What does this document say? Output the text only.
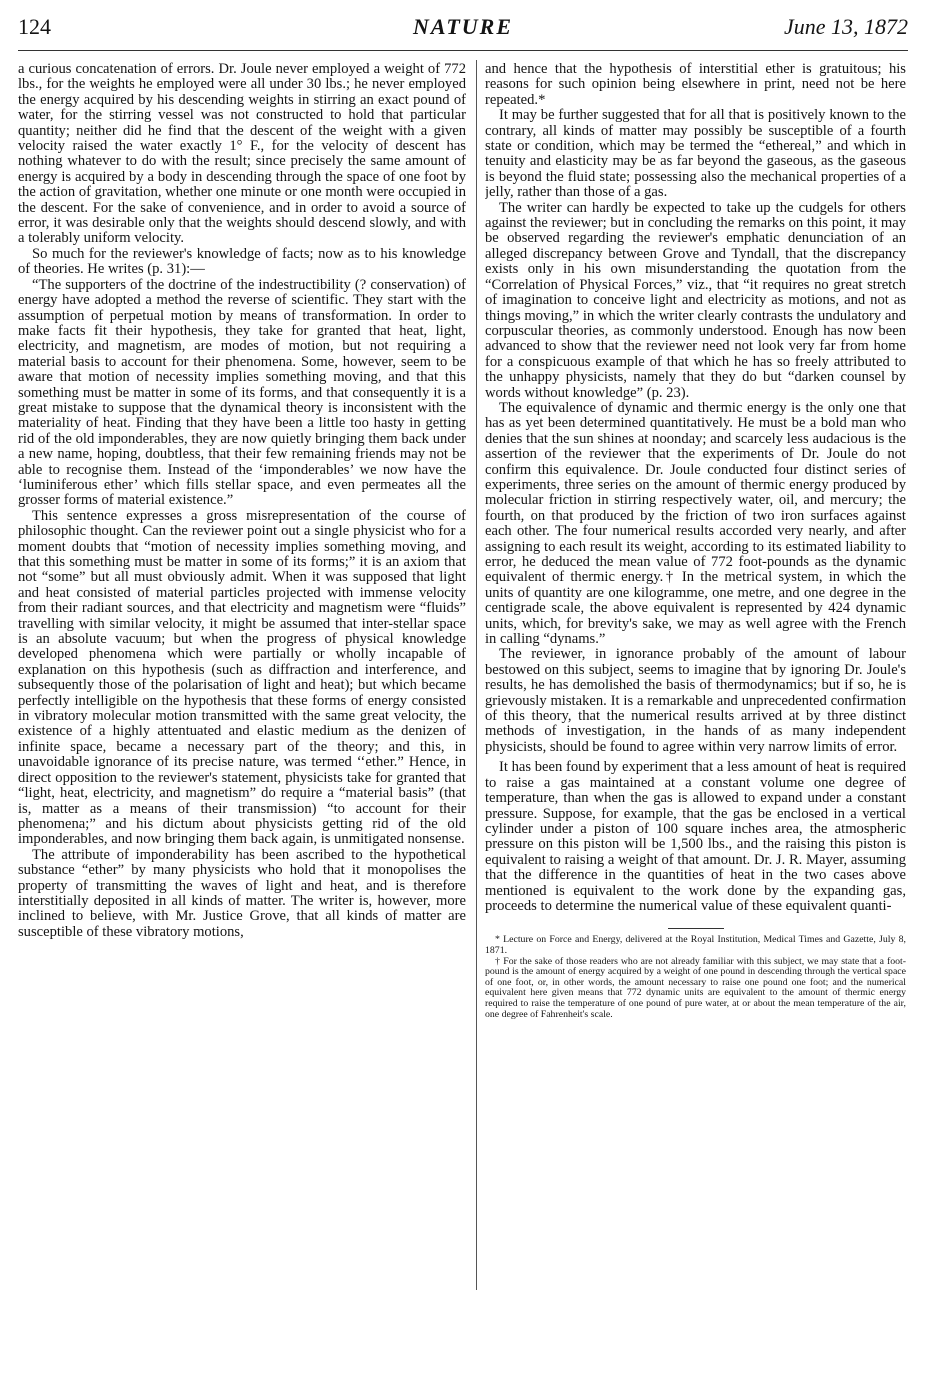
124	NATURE	June 13, 1872

a curious concatenation of errors. Dr. Joule never employed a weight of 772 lbs., for the weights he employed were all under 30 lbs.; he never employed the energy acquired by his descending weights in stirring an exact pound of water, for the stirring vessel was not constructed to hold that particular quantity; neither did he find that the descent of the weight with a given velocity raised the water exactly 1° F., for the velocity of descent has nothing whatever to do with the result; since precisely the same amount of energy is acquired by a body in descending through the space of one foot by the action of gravitation, whether one minute or one month were occupied in the descent. For the sake of convenience, and in order to avoid a source of error, it was desirable only that the weights should descend slowly, and with a tolerably uniform velocity.

So much for the reviewer's knowledge of facts; now as to his knowledge of theories. He writes (p. 31):—

“The supporters of the doctrine of the indestructibility (? conservation) of energy have adopted a method the reverse of scientific. They start with the assumption of perpetual motion by means of transformation. In order to make facts fit their hypothesis, they take for granted that heat, light, electricity, and magnetism, are modes of motion, but not requiring a material basis to account for their phenomena. Some, however, seem to be aware that motion of necessity implies something moving, and that this something must be matter in some of its forms, and that consequently it is a great mistake to suppose that the dynamical theory is inconsistent with the materiality of heat. Finding that they have been a little too hasty in getting rid of the old imponderables, they are now quietly bringing them back under a new name, hoping, doubtless, that their few remaining friends may not be able to recognise them. Instead of the ‘imponderables’ we now have the ‘luminiferous ether’ which fills stellar space, and even permeates all the grosser forms of material existence.”

This sentence expresses a gross misrepresentation of the course of philosophic thought. Can the reviewer point out a single physicist who for a moment doubts that “motion of necessity implies something moving, and that this something must be matter in some of its forms;” it is an axiom that not “some” but all must obviously admit. When it was supposed that light and heat consisted of material particles projected with immense velocity from their radiant sources, and that electricity and magnetism were “fluids” travelling with similar velocity, it might be assumed that inter-stellar space is an absolute vacuum; but when the progress of physical knowledge developed phenomena which were partially or wholly incapable of explanation on this hypothesis (such as diffraction and interference, and subsequently those of the polarisation of light and heat); but which became perfectly intelligible on the hypothesis that these forms of energy consisted in vibratory molecular motion transmitted with the same great velocity, the existence of a highly attentuated and elastic medium as the denizen of infinite space, became a necessary part of the theory; and this, in unavoidable ignorance of its precise nature, was termed ‘‘ether.” Hence, in direct opposition to the reviewer's statement, physicists take for granted that “light, heat, electricity, and magnetism” do require a “material basis” (that is, matter as a means of their transmission) “to account for their phenomena;” and his dictum about physicists getting rid of the old imponderables, and now bringing them back again, is unmitigated nonsense.

The attribute of imponderability has been ascribed to the hypothetical substance “ether” by many physicists who hold that it monopolises the property of transmitting the waves of light and heat, and is therefore interstitially deposited in all kinds of matter. The writer is, however, more inclined to believe, with Mr. Justice Grove, that all kinds of matter are susceptible of these vibratory motions,

and hence that the hypothesis of interstitial ether is gratuitous; his reasons for such opinion being elsewhere in print, need not be here repeated.*

It may be further suggested that for all that is positively known to the contrary, all kinds of matter may possibly be susceptible of a fourth state or condition, which may be termed the “ethereal,” and which in tenuity and elasticity may be as far beyond the gaseous, as the gaseous is beyond the fluid state; possessing also the mechanical properties of a jelly, rather than those of a gas.

The writer can hardly be expected to take up the cudgels for others against the reviewer; but in concluding the remarks on this point, it may be observed regarding the reviewer's emphatic denunciation of an alleged discrepancy between Grove and Tyndall, that the discrepancy exists only in his own misunderstanding the quotation from the “Correlation of Physical Forces,” viz., that “it requires no great stretch of imagination to conceive light and electricity as motions, and not as things moving,” in which the writer clearly contrasts the undulatory and corpuscular theories, as commonly understood. Enough has now been advanced to show that the reviewer need not look very far from home for a conspicuous example of that which he has so freely attributed to the unhappy physicists, namely that they do but “darken counsel by words without knowledge” (p. 23).

The equivalence of dynamic and thermic energy is the only one that has as yet been determined quantitatively. He must be a bold man who denies that the sun shines at noonday; and scarcely less audacious is the assertion of the reviewer that the experiments of Dr. Joule do not confirm this equivalence. Dr. Joule conducted four distinct series of experiments, three series on the amount of thermic energy produced by molecular friction in stirring respectively water, oil, and mercury; the fourth, on that produced by the friction of two iron surfaces against each other. The four numerical results accorded very nearly, and after assigning to each result its weight, according to its estimated liability to error, he deduced the mean value of 772 foot-pounds as the dynamic equivalent of thermic energy.† In the metrical system, in which the units of quantity are one kilogramme, one metre, and one degree in the centigrade scale, the above equivalent is represented by 424 dynamic units, which, for brevity's sake, we may as well agree with the French in calling “dynams.”

The reviewer, in ignorance probably of the amount of labour bestowed on this subject, seems to imagine that by ignoring Dr. Joule's results, he has demolished the basis of thermodynamics; but if so, he is grievously mistaken. It is a remarkable and unprecedented confirmation of this theory, that the numerical results arrived at by three distinct methods of investigation, in the hands of as many independent physicists, should be found to agree within very narrow limits of error.

It has been found by experiment that a less amount of heat is required to raise a gas maintained at a constant volume one degree of temperature, than when the gas is allowed to expand under a constant pressure. Suppose, for example, that the gas be enclosed in a vertical cylinder under a piston of 100 square inches area, the atmospheric pressure on this piston will be 1,500 lbs., and the raising this piston is equivalent to raising a weight of that amount. Dr. J. R. Mayer, assuming that the difference in the quantities of heat in the two cases above mentioned is equivalent to the work done by the expanding gas, proceeds to determine the numerical value of these equivalent quanti-

* Lecture on Force and Energy, delivered at the Royal Institution, Medical Times and Gazette, July 8, 1871.

† For the sake of those readers who are not already familiar with this subject, we may state that a foot-pound is the amount of energy acquired by a weight of one pound in descending through the vertical space of one foot, or, in other words, the amount necessary to raise one pound one foot; and the numerical equivalent here given means that 772 dynamic units are equivalent to the amount of thermic energy required to raise the temperature of one pound of pure water, at or about the mean temperature of the air, one degree of Fahrenheit's scale.
